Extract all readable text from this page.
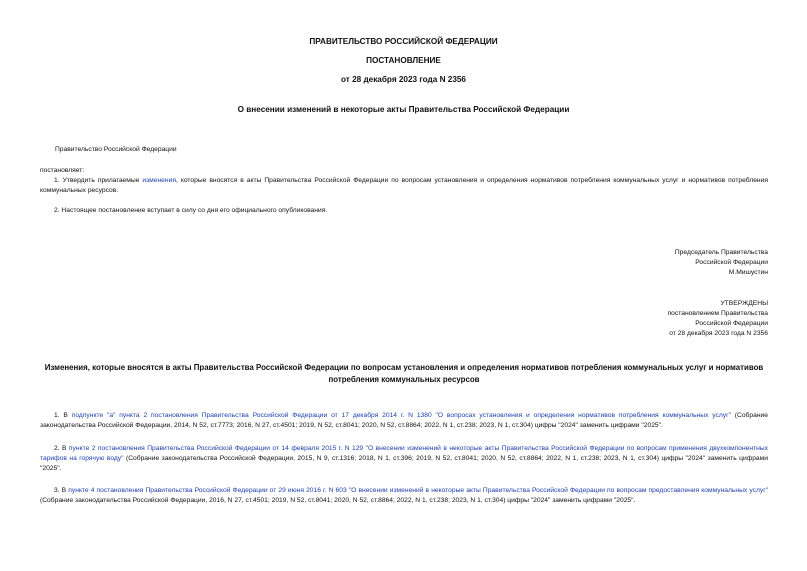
ПРАВИТЕЛЬСТВО РОССИЙСКОЙ ФЕДЕРАЦИИ
ПОСТАНОВЛЕНИЕ
от 28 декабря 2023 года N 2356
О внесении изменений в некоторые акты Правительства Российской Федерации
Правительство Российской Федерации
постановляет:
1. Утвердить прилагаемые изменения, которые вносятся в акты Правительства Российской Федерации по вопросам установления и определения нормативов потребления коммунальных услуг и нормативов потребления коммунальных ресурсов.
2. Настоящее постановление вступает в силу со дня его официального опубликования.
Председатель Правительства
Российской Федерации
М.Мишустин
УТВЕРЖДЕНЫ
постановлением Правительства
Российской Федерации
от 28 декабря 2023 года N 2356
Изменения, которые вносятся в акты Правительства Российской Федерации по вопросам установления и определения нормативов потребления коммунальных услуг и нормативов потребления коммунальных ресурсов
1. В подпункте "а" пункта 2 постановления Правительства Российской Федерации от 17 декабря 2014 г. N 1380 "О вопросах установления и определения нормативов потребления коммунальных услуг" (Собрание законодательства Российской Федерации, 2014, N 52, ст.7773; 2016, N 27, ст.4501; 2019, N 52, ст.8041; 2020, N 52, ст.8864; 2022, N 1, ст.238; 2023, N 1, ст.304) цифры "2024" заменить цифрами "2025".
2. В пункте 2 постановления Правительства Российской Федерации от 14 февраля 2015 г. N 129 "О внесении изменений в некоторые акты Правительства Российской Федерации по вопросам применения двухкомпонентных тарифов на горячую воду" (Собрание законодательства Российской Федерации, 2015, N 9, ст.1316; 2018, N 1, ст.396; 2019, N 52, ст.8041; 2020, N 52, ст.8864; 2022, N 1, ст.238; 2023, N 1, ст.304) цифры "2024" заменить цифрами "2025".
3. В пункте 4 постановления Правительства Российской Федерации от 29 июня 2016 г. N 603 "О внесении изменений в некоторые акты Правительства Российской Федерации по вопросам предоставления коммунальных услуг" (Собрание законодательства Российской Федерации, 2016, N 27, ст.4501; 2019, N 52, ст.8041; 2020, N 52, ст.8864; 2022, N 1, ст.238; 2023, N 1, ст.304) цифры "2024" заменить цифрами "2025".
